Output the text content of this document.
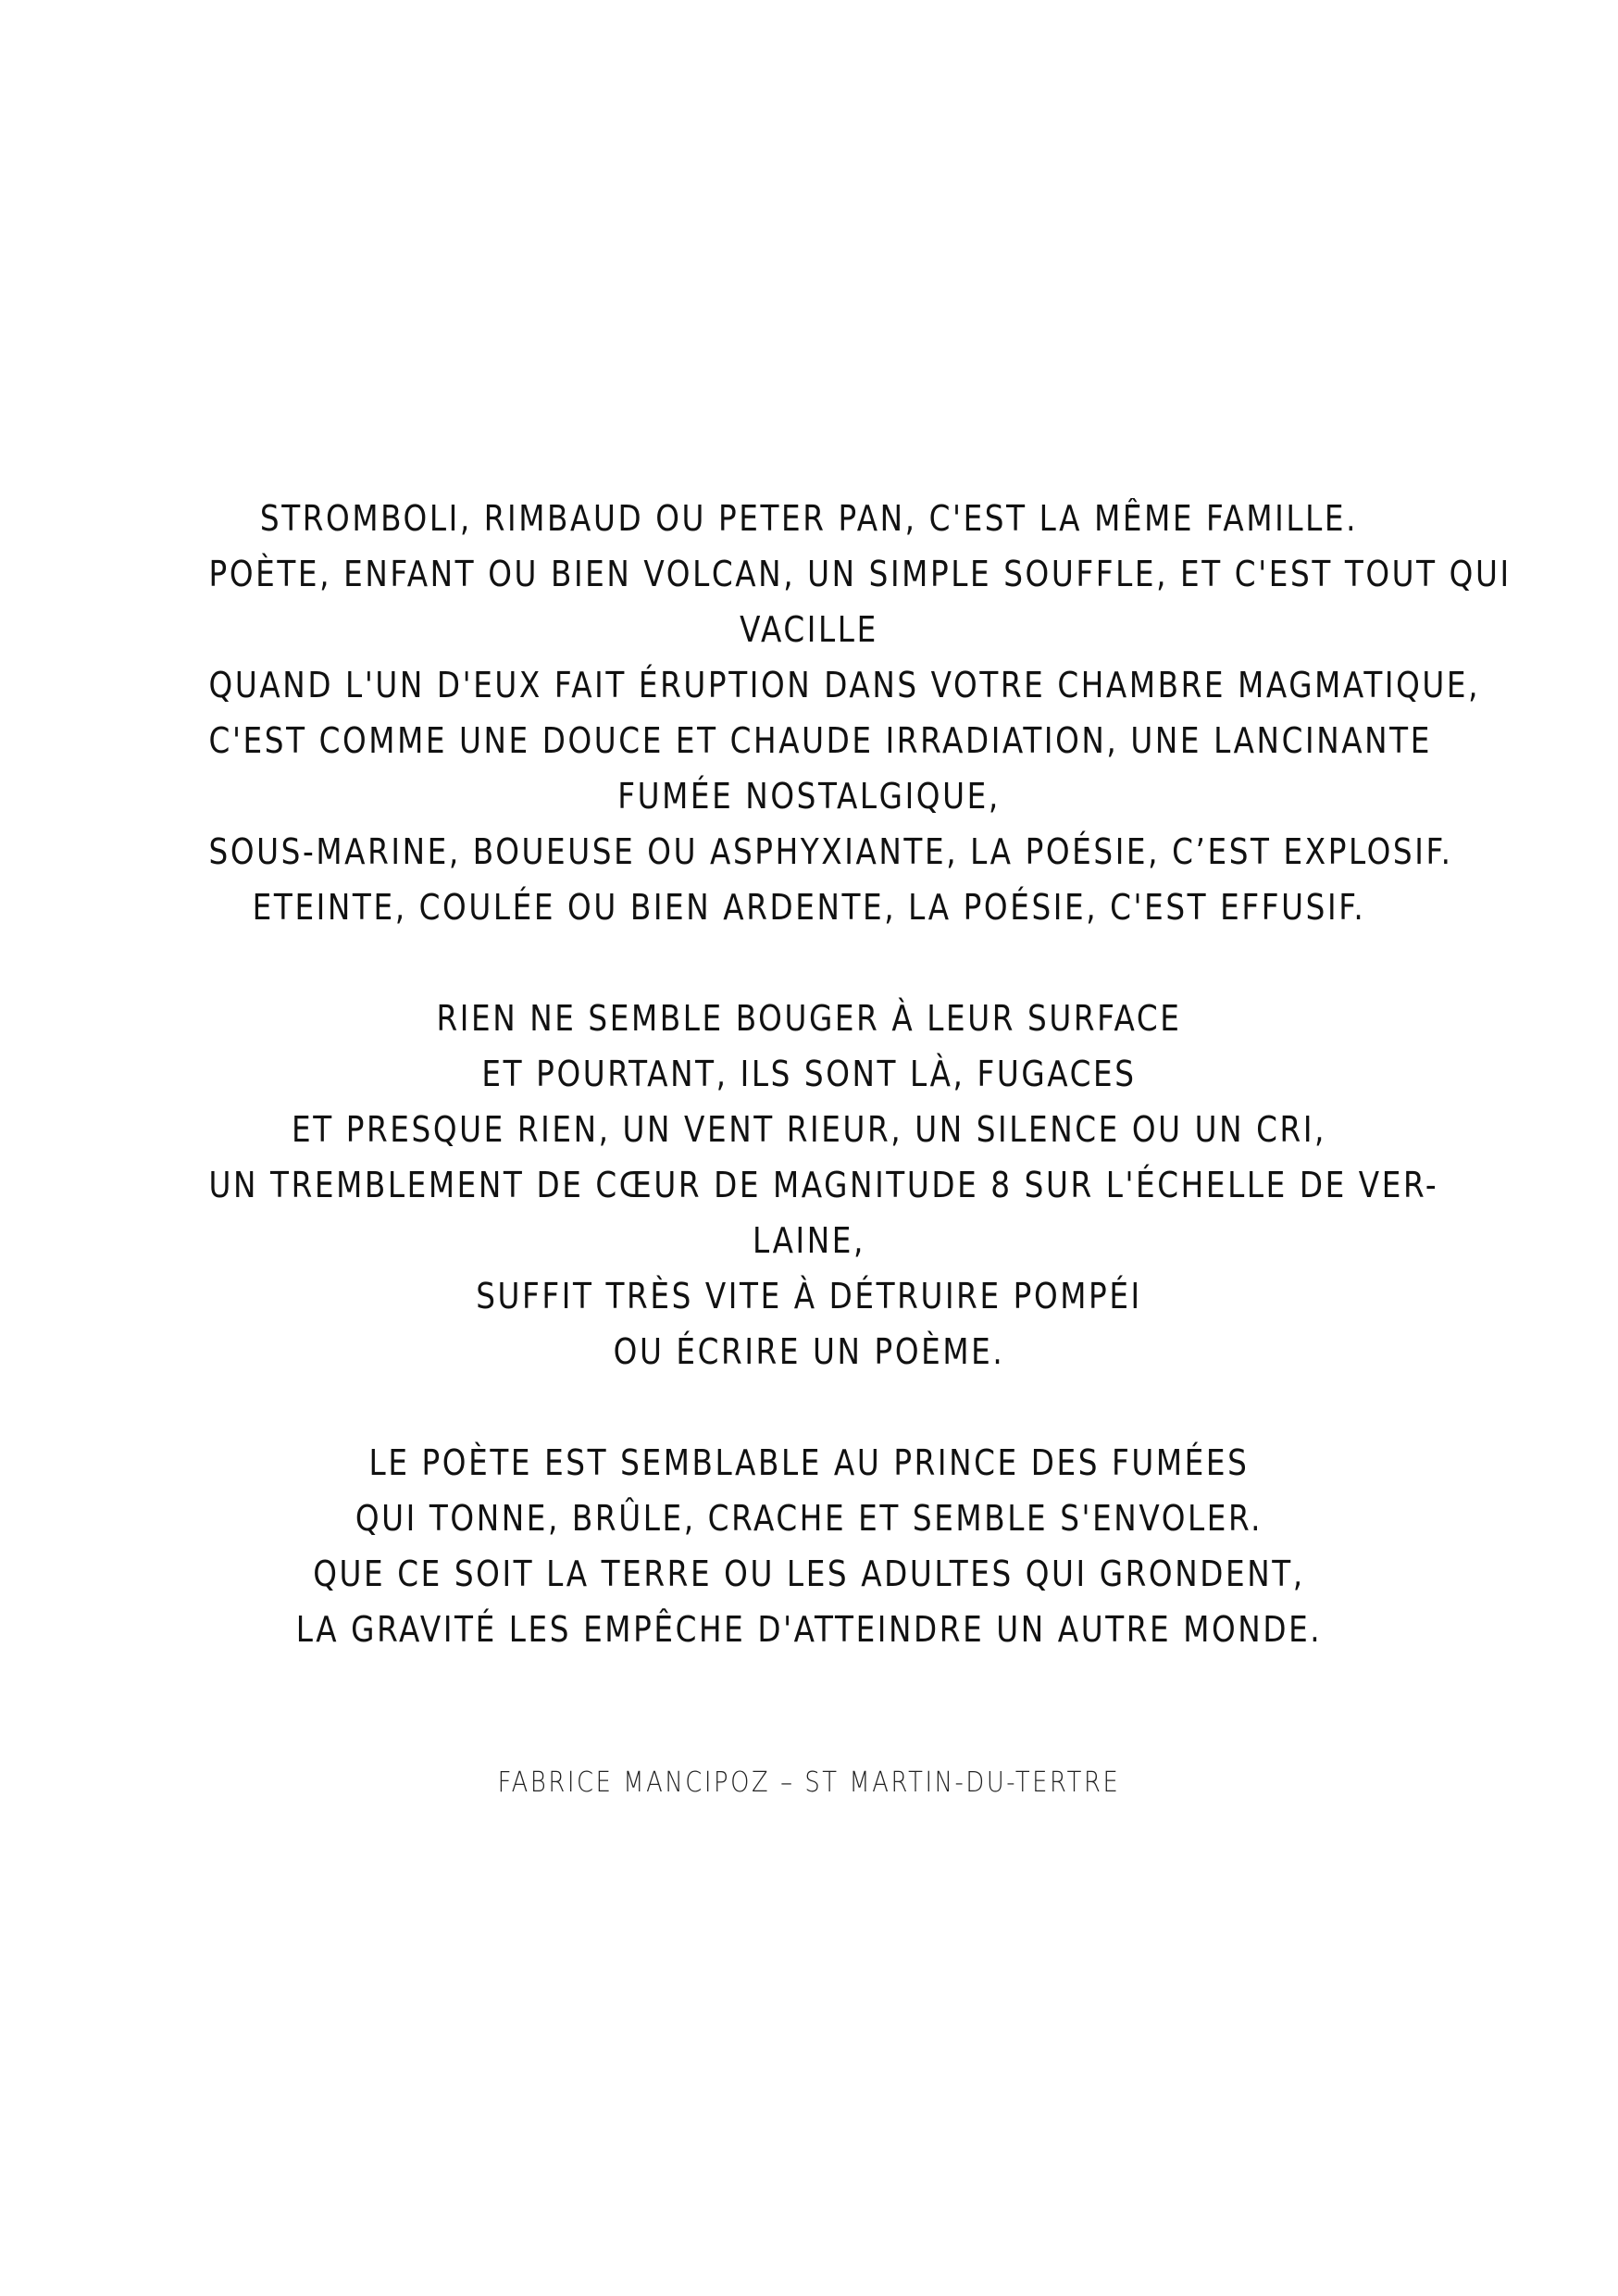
STROMBOLI, RIMBAUD OU PETER PAN, C'EST LA MÊME FAMILLE.
POÈTE, ENFANT OU BIEN VOLCAN, UN SIMPLE SOUFFLE, ET C'EST TOUT QUI
VACILLE
QUAND L'UN D'EUX FAIT ÉRUPTION DANS VOTRE CHAMBRE MAGMATIQUE,
C'EST COMME UNE DOUCE ET CHAUDE IRRADIATION, UNE LANCINANTE
FUMÉE NOSTALGIQUE,
SOUS-MARINE, BOUEUSE OU ASPHYXIANTE, LA POÉSIE, C’EST EXPLOSIF.
ETEINTE, COULÉE OU BIEN ARDENTE, LA POÉSIE, C'EST EFFUSIF.

RIEN NE SEMBLE BOUGER À LEUR SURFACE
ET POURTANT, ILS SONT LÀ, FUGACES
ET PRESQUE RIEN, UN VENT RIEUR, UN SILENCE OU UN CRI,
UN TREMBLEMENT DE CŒUR DE MAGNITUDE 8 SUR L'ÉCHELLE DE VER-
LAINE,
SUFFIT TRÈS VITE À DÉTRUIRE POMPÉI
OU ÉCRIRE UN POÈME.

LE POÈTE EST SEMBLABLE AU PRINCE DES FUMÉES
QUI TONNE, BRÛLE, CRACHE ET SEMBLE S'ENVOLER.
QUE CE SOIT LA TERRE OU LES ADULTES QUI GRONDENT,
LA GRAVITÉ LES EMPÊCHE D'ATTEINDRE UN AUTRE MONDE.

FABRICE MANCIPOZ – ST MARTIN-DU-TERTRE
